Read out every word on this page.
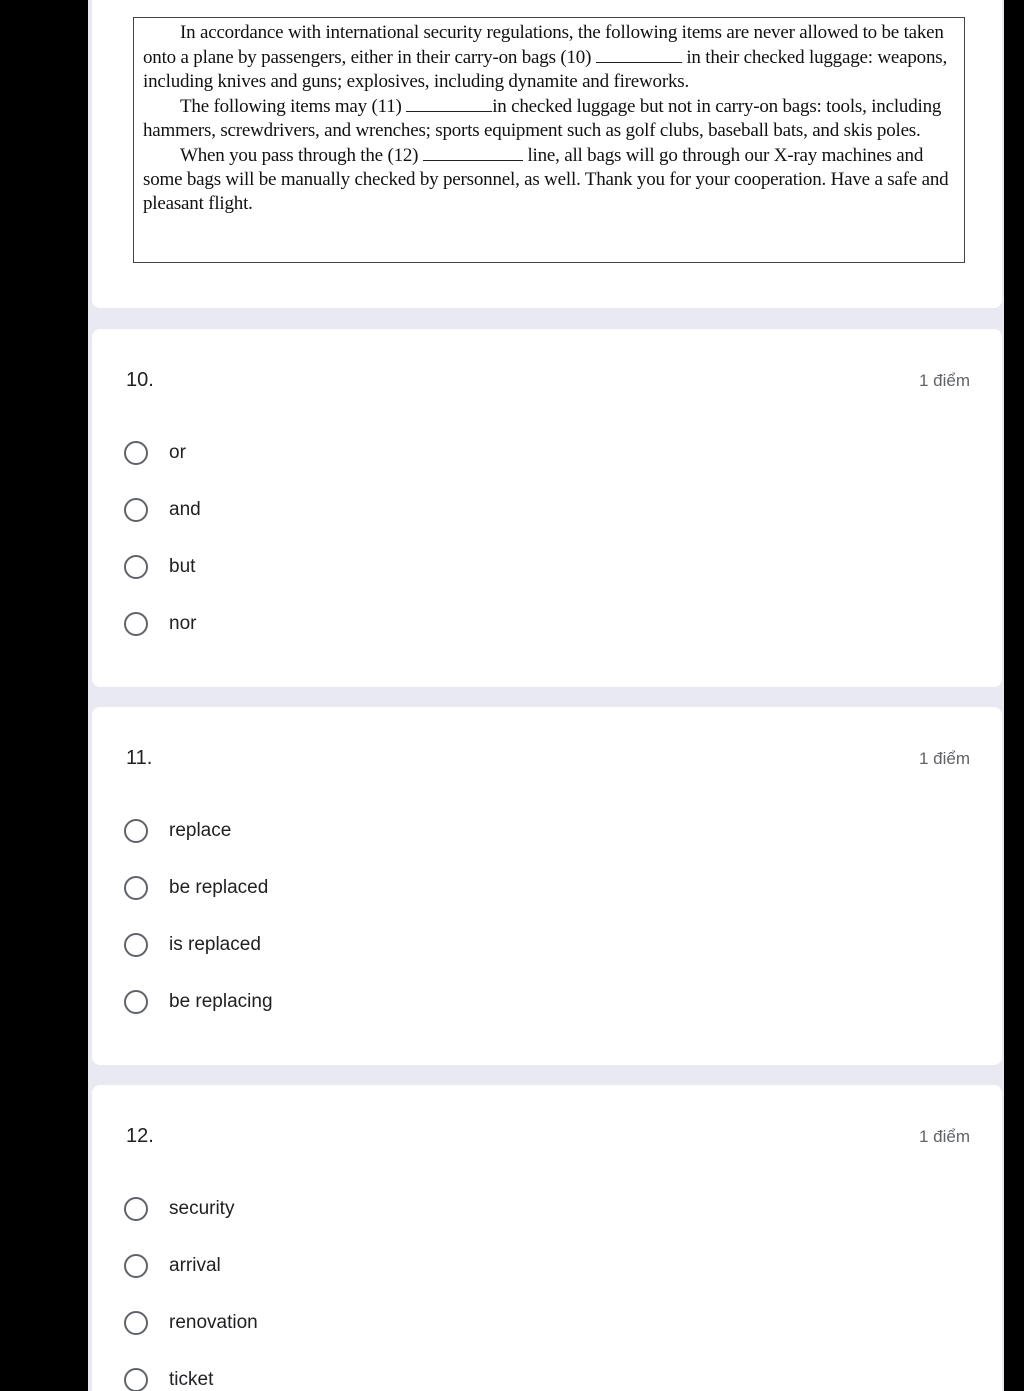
In accordance with international security regulations, the following items are never allowed to be taken onto a plane by passengers, either in their carry-on bags (10)	in their checked luggage: weapons, including knives and guns; explosives, including dynamite and fireworks.

The following items may (11)	in checked luggage but not in carry-on bags: tools, including hammers, screwdrivers, and wrenches; sports equipment such as golf clubs, baseball bats, and skis poles.

When you pass through the (12)	line, all bags will go through our X-ray machines and some bags will be manually checked by personnel, as well. Thank you for your cooperation. Have a safe and pleasant flight.

10.	1 điểm
or
and
but
nor
11.	1 điểm
replace
be replaced
is replaced
be replacing
12.	1 điểm
security
arrival
renovation
ticket
